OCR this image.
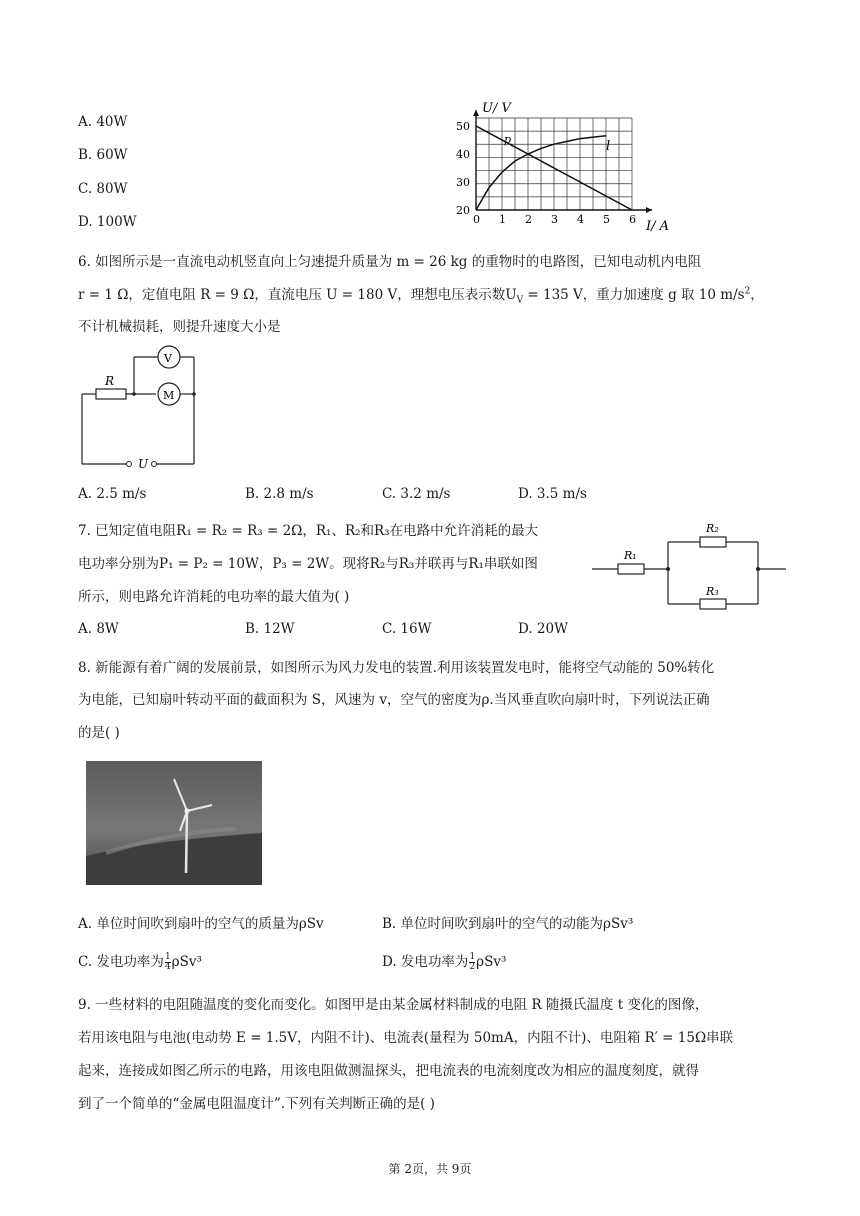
A. 40W
B. 60W
C. 80W
D. 100W	0 1 2 3 4 5 6
50
40
30
20
U/ V
I/ A
p	l
6. 如图所示是一直流电动机竖直向上匀速提升质量为 m = 26 kg 的重物时的电路图，已知电动机内电阻
r = 1 Ω，定值电阻 R = 9 Ω，直流电压 U = 180 V，理想电压表示数$U_V = 135$ V，重力加速度 g 取 10 $m/s^2$，
不计机械损耗，则提升速度大小是
R
V
M
U
A. 2.5 m/s	B. 2.8 m/s	C. 3.2 m/s	D. 3.5 m/s
7. 已知定值电阻R₁ = R₂ = R₃ = 2Ω，R₁、R₂和R₃在电路中允许消耗的最大
电功率分别为P₁ = P₂ = 10W，P₃ = 2W。现将R₂与R₃并联再与R₁串联如图
所示，则电路允许消耗的电功率的最大值为( )
R₁
R₂
R₃
A. 8W	B. 12W	C. 16W	D. 20W
8. 新能源有着广阔的发展前景，如图所示为风力发电的装置.利用该装置发电时，能将空气动能的 50%转化
为电能，已知扇叶转动平面的截面积为 S，风速为 v，空气的密度为ρ.当风垂直吹向扇叶时，下列说法正确
的是( )
A. 单位时间吹到扇叶的空气的质量为ρSv	B. 单位时间吹到扇叶的空气的动能为ρSv³
C. 发电功率为 $\frac{1}{4} \rho Sv^3$	D. 发电功率为 $\frac{1}{2} \rho Sv^3$
9. 一些材料的电阻随温度的变化而变化。如图甲是由某金属材料制成的电阻 R 随摄氏温度 t 变化的图像，
若用该电阻与电池(电动势 E = 1.5V，内阻不计)、电流表(量程为 50mA，内阻不计)、电阻箱 R′ = 15Ω串联
起来，连接成如图乙所示的电路，用该电阻做测温探头，把电流表的电流刻度改为相应的温度刻度，就得
到了一个简单的“金属电阻温度计”.下列有关判断正确的是( )
第 2页，共 9页
